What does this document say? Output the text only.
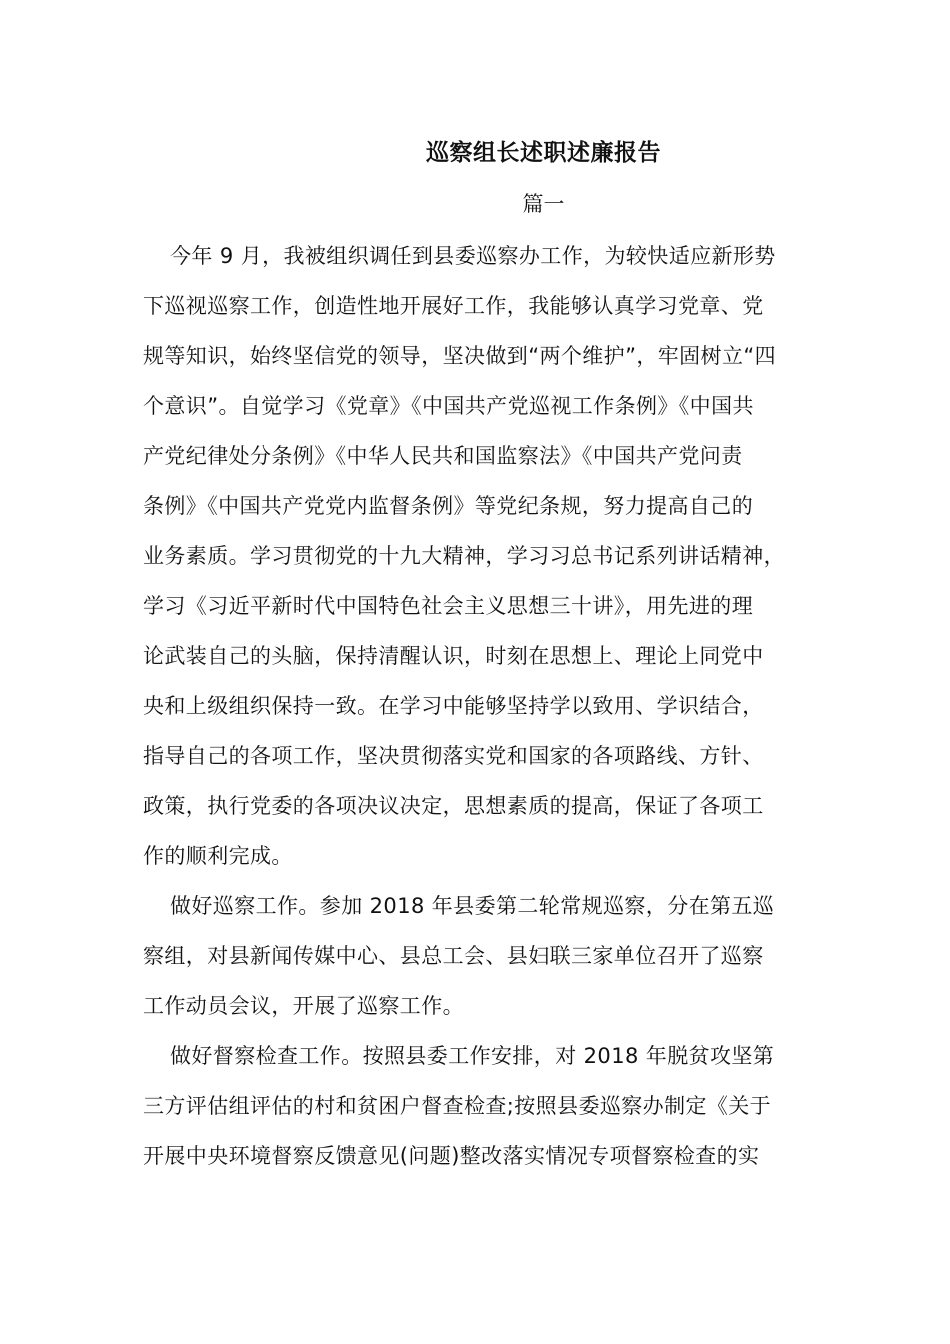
巡察组长述职述廉报告
篇一
今年 9 月，我被组织调任到县委巡察办工作，为较快适应新形势
下巡视巡察工作，创造性地开展好工作，我能够认真学习党章、党
规等知识，始终坚信党的领导，坚决做到“两个维护”，牢固树立“四
个意识”。自觉学习《党章》《中国共产党巡视工作条例》《中国共
产党纪律处分条例》《中华人民共和国监察法》《中国共产党问责
条例》《中国共产党党内监督条例》等党纪条规，努力提高自己的
业务素质。学习贯彻党的十九大精神，学习习总书记系列讲话精神，
学习《习近平新时代中国特色社会主义思想三十讲》，用先进的理
论武装自己的头脑，保持清醒认识，时刻在思想上、理论上同党中
央和上级组织保持一致。在学习中能够坚持学以致用、学识结合，
指导自己的各项工作，坚决贯彻落实党和国家的各项路线、方针、
政策，执行党委的各项决议决定，思想素质的提高，保证了各项工
作的顺利完成。
做好巡察工作。参加 2018 年县委第二轮常规巡察，分在第五巡
察组，对县新闻传媒中心、县总工会、县妇联三家单位召开了巡察
工作动员会议，开展了巡察工作。
做好督察检查工作。按照县委工作安排，对 2018 年脱贫攻坚第
三方评估组评估的村和贫困户督查检查;按照县委巡察办制定《关于
开展中央环境督察反馈意见(问题)整改落实情况专项督察检查的实
